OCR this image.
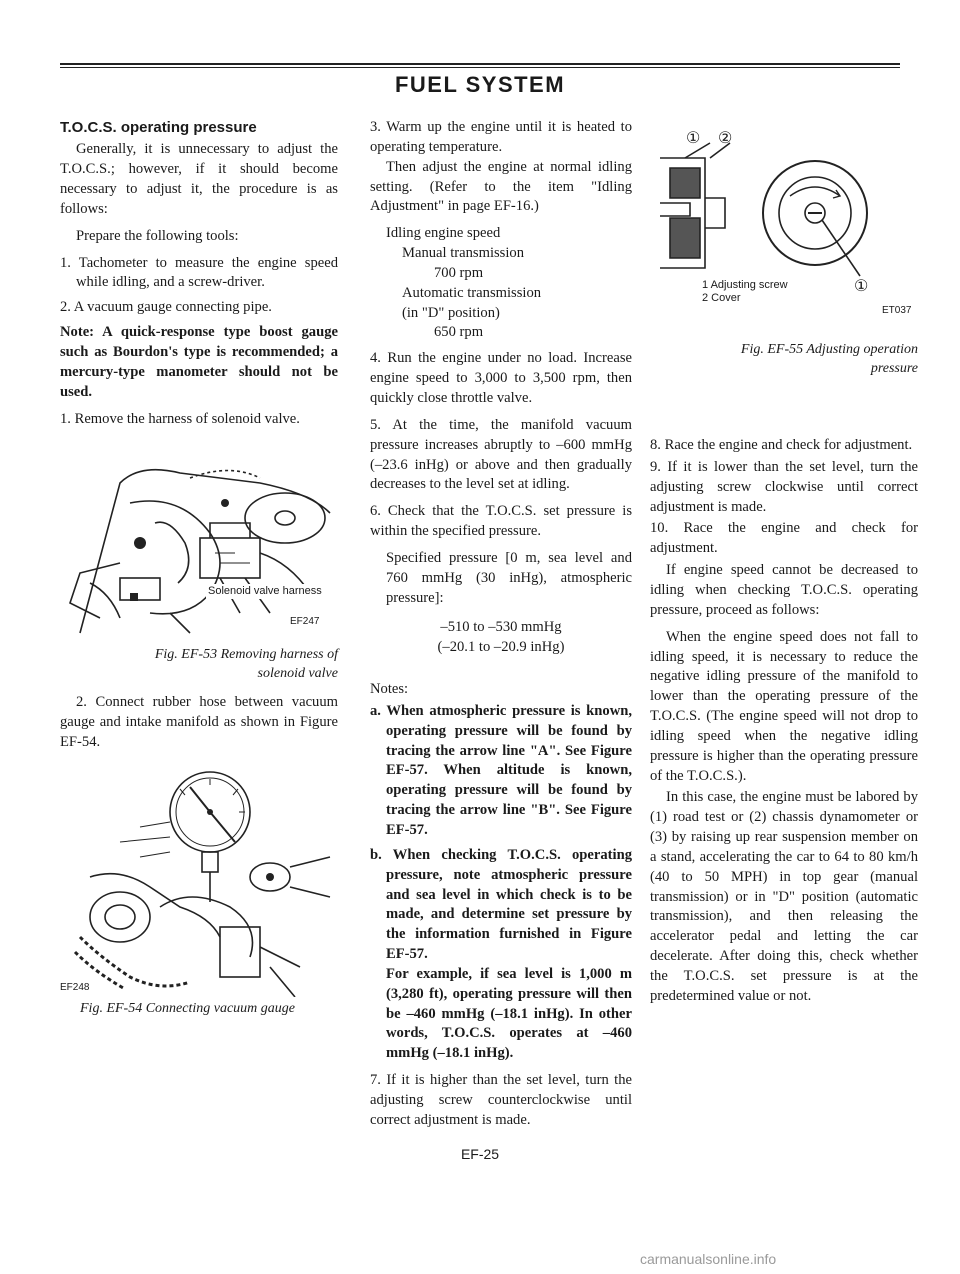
FUEL SYSTEM
T.O.C.S. operating pressure

Generally, it is unnecessary to adjust the T.O.C.S.; however, if it should become necessary to adjust it, the procedure is as follows:

Prepare the following tools:

1. Tachometer to measure the engine speed while idling, and a screw-driver.

2. A vacuum gauge connecting pipe.

Note: A quick-response type boost gauge such as Bourdon's type is recommended; a mercury-type manometer should not be used.

1. Remove the harness of solenoid valve.

Solenoid valve harness
EF247

Fig. EF-53 Removing harness of solenoid valve

2. Connect rubber hose between vacuum gauge and intake manifold as shown in Figure EF-54.

EF248

Fig. EF-54 Connecting vacuum gauge

3. Warm up the engine until it is heated to operating temperature.

Then adjust the engine at normal idling setting. (Refer to the item "Idling Adjustment" in page EF-16.)

Idling engine speed

Manual transmission

700 rpm

Automatic transmission

(in "D" position)

650 rpm

4. Run the engine under no load. Increase engine speed to 3,000 to 3,500 rpm, then quickly close throttle valve.

5. At the time, the manifold vacuum pressure increases abruptly to –600 mmHg (–23.6 inHg) or above and then gradually decreases to the level set at idling.

6. Check that the T.O.C.S. set pressure is within the specified pressure.

Specified pressure [0 m, sea level and 760 mmHg (30 inHg), atmospheric pressure]:

–510 to –530 mmHg

(–20.1 to –20.9 inHg)

Notes:

a. When atmospheric pressure is known, operating pressure will be found by tracing the arrow line "A". See Figure EF-57. When altitude is known, operating pressure will be found by tracing the arrow line "B". See Figure EF-57.

b. When checking T.O.C.S. operating pressure, note atmospheric pressure and sea level in which check is to be made, and determine set pressure by the information furnished in Figure EF-57.

For example, if sea level is 1,000 m (3,280 ft), operating pressure will then be –460 mmHg (–18.1 inHg). In other words, T.O.C.S. operates at –460 mmHg (–18.1 inHg).

7. If it is higher than the set level, turn the adjusting screw counterclockwise until correct adjustment is made.

① ②
①
1 Adjusting screw
2 Cover
ET037

Fig. EF-55 Adjusting operation pressure

8. Race the engine and check for adjustment.

9. If it is lower than the set level, turn the adjusting screw clockwise until correct adjustment is made.

10. Race the engine and check for adjustment.

If engine speed cannot be decreased to idling when checking T.O.C.S. operating pressure, proceed as follows:

When the engine speed does not fall to idling speed, it is necessary to reduce the negative idling pressure of the manifold to lower than the operating pressure of the T.O.C.S. (The engine speed will not drop to idling speed when the negative idling pressure is higher than the operating pressure of the T.O.C.S.).

In this case, the engine must be labored by (1) road test or (2) chassis dynamometer or (3) by raising up rear suspension member on a stand, accelerating the car to 64 to 80 km/h (40 to 50 MPH) in top gear (manual transmission) or in "D" position (automatic transmission), and then releasing the accelerator pedal and letting the car decelerate. After doing this, check whether the T.O.C.S. set pressure is at the predetermined value or not.

EF-25
carmanualsonline.info
